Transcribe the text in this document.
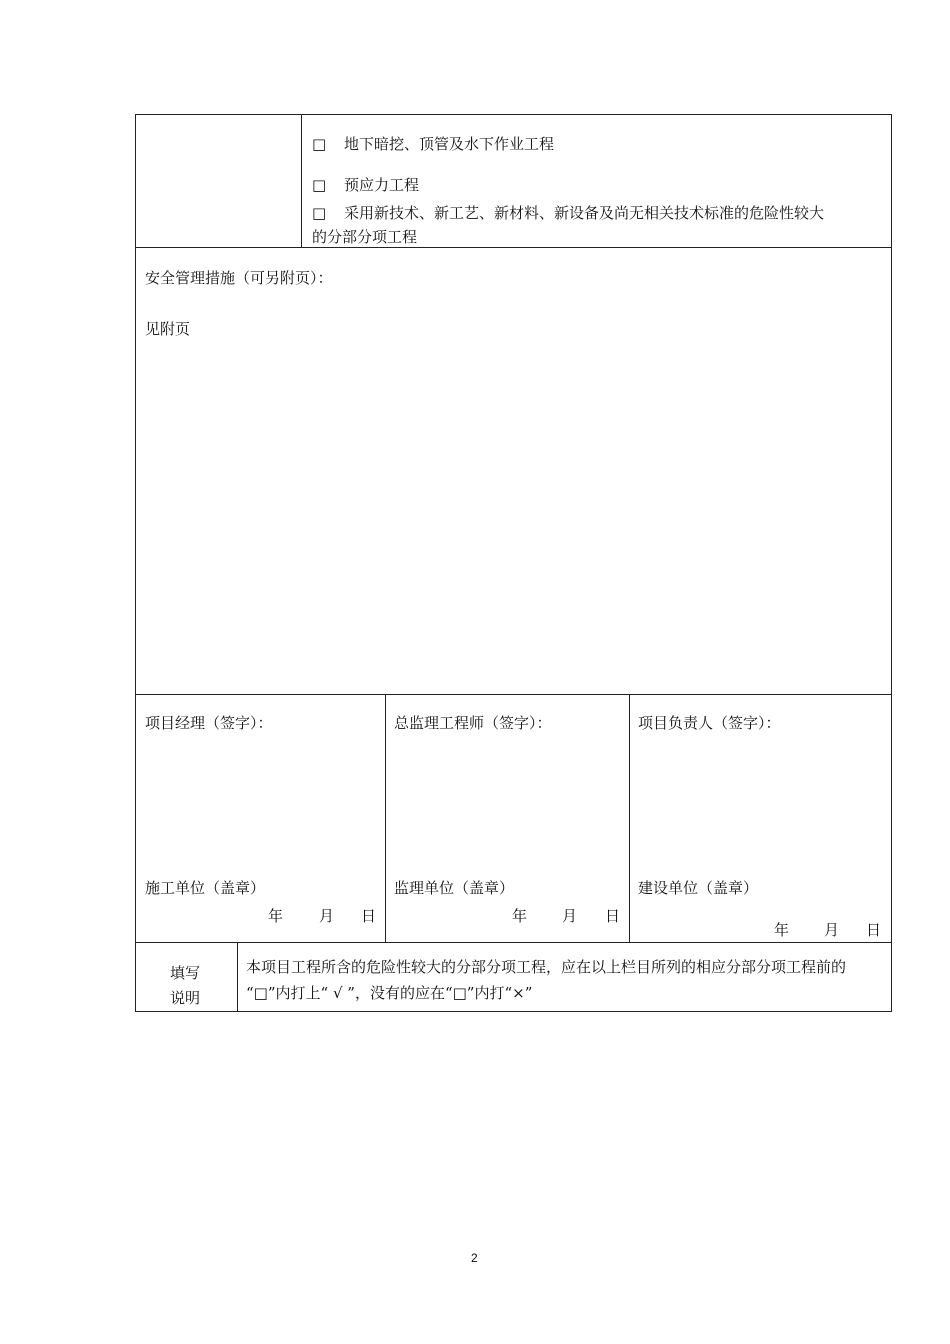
□ 地下暗挖、顶管及水下作业工程
□ 预应力工程
□ 采用新技术、新工艺、新材料、新设备及尚无相关技术标准的危险性较大
的分部分项工程
安全管理措施（可另附页）：
见附页
项目经理（签字）：
施工单位（盖章）
年 月 日
总监理工程师（签字）：
监理单位（盖章）
年 月 日
项目负责人（签字）：
建设单位（盖章）
年 月 日
填写
说明
本项目工程所含的危险性较大的分部分项工程，应在以上栏目所列的相应分部分项工程前的
“□”内打上“ √ ”，没有的应在“□”内打“×”
2
